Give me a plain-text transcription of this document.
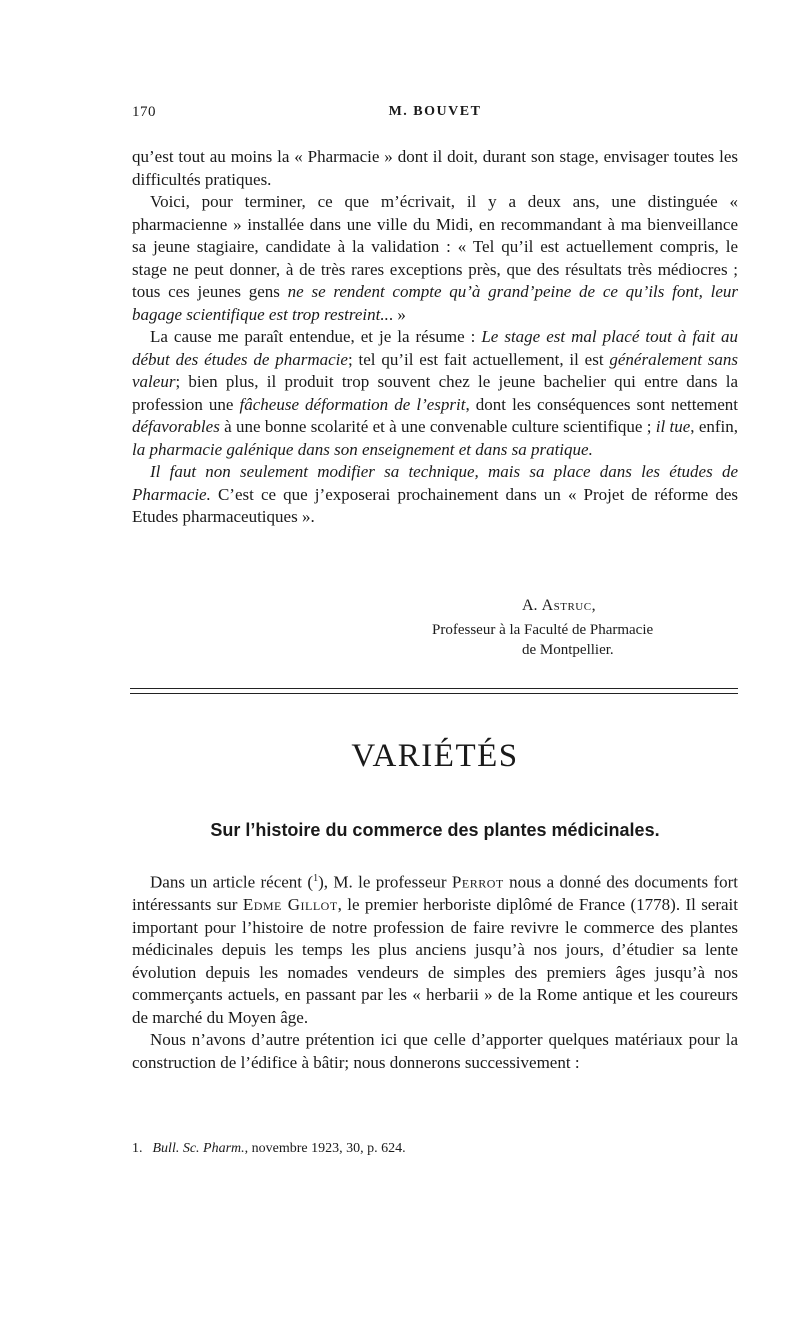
170	M. BOUVET

qu’est tout au moins la « Pharmacie » dont il doit, durant son stage, envisager toutes les difficultés pratiques.

Voici, pour terminer, ce que m’écrivait, il y a deux ans, une distinguée « pharmacienne » installée dans une ville du Midi, en recommandant à ma bienveillance sa jeune stagiaire, candidate à la validation : « Tel qu’il est actuellement compris, le stage ne peut donner, à de très rares exceptions près, que des résultats très médiocres ; tous ces jeunes gens ne se rendent compte qu’à grand’peine de ce qu’ils font, leur bagage scientifique est trop restreint... »

La cause me paraît entendue, et je la résume : Le stage est mal placé tout à fait au début des études de pharmacie; tel qu’il est fait actuellement, il est généralement sans valeur; bien plus, il produit trop souvent chez le jeune bachelier qui entre dans la profession une fâcheuse déformation de l’esprit, dont les conséquences sont nettement défavorables à une bonne scolarité et à une convenable culture scientifique ; il tue, enfin, la pharmacie galénique dans son enseignement et dans sa pratique.

Il faut non seulement modifier sa technique, mais sa place dans les études de Pharmacie. C’est ce que j’exposerai prochainement dans un « Projet de réforme des Etudes pharmaceutiques ».

A. Astruc,
Professeur à la Faculté de Pharmacie
de Montpellier.
VARIÉTÉS
Sur l’histoire du commerce des plantes médicinales.

Dans un article récent ($^1$), M. le professeur Perrot nous a donné des documents fort intéressants sur Edme Gillot, le premier herboriste diplômé de France (1778). Il serait important pour l’histoire de notre profession de faire revivre le commerce des plantes médicinales depuis les temps les plus anciens jusqu’à nos jours, d’étudier sa lente évolution depuis les nomades vendeurs de simples des premiers âges jusqu’à nos commerçants actuels, en passant par les « herbarii » de la Rome antique et les coureurs de marché du Moyen âge.

Nous n’avons d’autre prétention ici que celle d’apporter quelques matériaux pour la construction de l’édifice à bâtir; nous donnerons successivement :

1. Bull. Sc. Pharm., novembre 1923, 30, p. 624.
